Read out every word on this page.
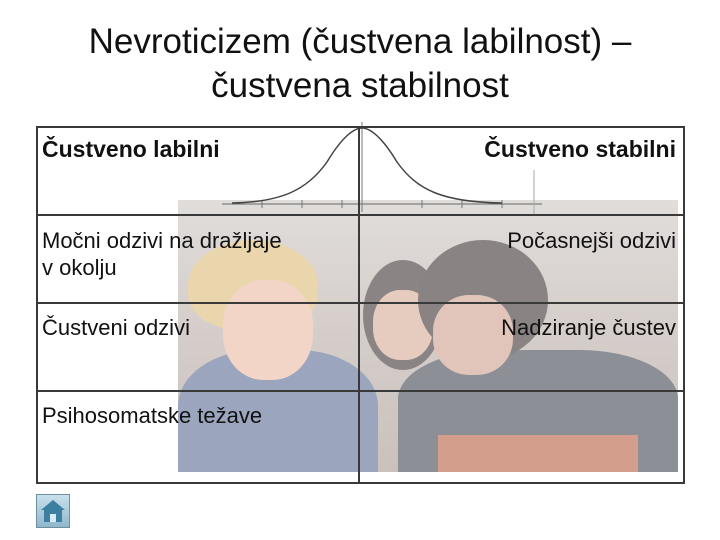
Nevroticizem (čustvena labilnost) –
čustvena stabilnost
Čustveno labilni	Čustveno stabilni
Močni odzivi na dražljaje
v okolju
Počasnejši odzivi
Čustveni odzivi	Nadziranje čustev
Psihosomatske težave
